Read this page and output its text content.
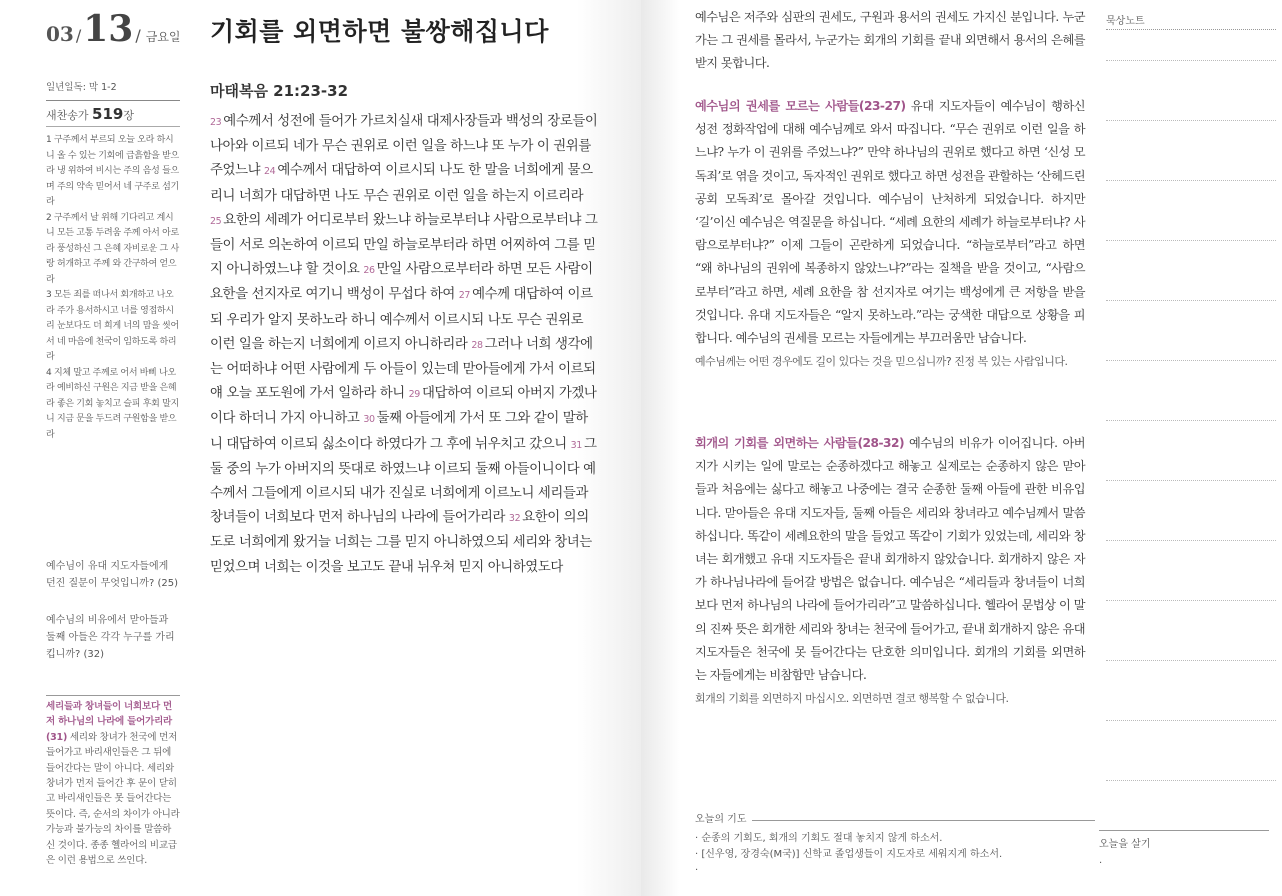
03 / 13 / 금요일 기회를 외면하면 불쌍해집니다
일년일독: 막 1-2
새찬송가 519장

1 구주께서 부르되 오늘 오라 하시니 올 수 있는 기회에 급흙함을 받으라 냉 위하여 비시는 주의 음성 들으며 주의 약속 믿어서 네 구주로 섬기라

2 구주께서 날 위해 기다리고 계시니 모든 고통 두려움 주께 아서 아로라 풍성하신 그 은혜 자비로운 그 사랑 허개하고 주께 와 간구하여 얻으라

3 모든 죄를 떠나서 회개하고 나오라 주가 용서하시고 너를 영접하시리 눈보다도 더 희게 너의 맘을 씻어서 네 마음에 천국이 임하도록 하리라

4 지체 말고 주께로 어서 바삐 나오라 예비하신 구원은 지금 받을 은혜라 좋은 기회 놓치고 슬피 후회 말지니 지금 문을 두드려 구원함을 받으라

예수님이 유대 지도자들에게 던진 질문이 무엇입니까? (25)
예수님의 비유에서 맏아들과 둘째 아들은 각각 누구를 가리킵니까? (32)
세리들과 창녀들이 너희보다 먼저 하나님의 나라에 들어가리라 (31) 세리와 창녀가 천국에 먼저 들어가고 바리새인들은 그 뒤에 들어간다는 말이 아니다. 세리와 창녀가 먼저 들어간 후 문이 닫히고 바리새인들은 못 들어간다는 뜻이다. 즉, 순서의 차이가 아니라 가능과 불가능의 차이를 말씀하신 것이다. 종종 헬라어의 비교급은 이런 용법으로 쓰인다.
마태복음 21:23-32
23 예수께서 성전에 들어가 가르치실새 대제사장들과 백성의 장로들이 나아와 이르되 네가 무슨 권위로 이런 일을 하느냐 또 누가 이 권위를 주었느냐 24 예수께서 대답하여 이르시되 나도 한 말을 너희에게 물으리니 너희가 대답하면 나도 무슨 권위로 이런 일을 하는지 이르리라 25 요한의 세례가 어디로부터 왔느냐 하늘로부터냐 사람으로부터냐 그들이 서로 의논하여 이르되 만일 하늘로부터라 하면 어찌하여 그를 믿지 아니하였느냐 할 것이요 26 만일 사람으로부터라 하면 모든 사람이 요한을 선지자로 여기니 백성이 무섭다 하여 27 예수께 대답하여 이르되 우리가 알지 못하노라 하니 예수께서 이르시되 나도 무슨 권위로 이런 일을 하는지 너희에게 이르지 아니하리라 28 그러나 너희 생각에는 어떠하냐 어떤 사람에게 두 아들이 있는데 맏아들에게 가서 이르되 얘 오늘 포도원에 가서 일하라 하니 29 대답하여 이르되 아버지 가겠나이다 하더니 가지 아니하고 30 둘째 아들에게 가서 또 그와 같이 말하니 대답하여 이르되 싫소이다 하였다가 그 후에 뉘우치고 갔으니 31 그 둘 중의 누가 아버지의 뜻대로 하였느냐 이르되 둘째 아들이니이다 예수께서 그들에게 이르시되 내가 진실로 너희에게 이르노니 세리들과 창녀들이 너희보다 먼저 하나님의 나라에 들어가리라 32 요한이 의의 도로 너희에게 왔거늘 너희는 그를 믿지 아니하였으되 세리와 창녀는 믿었으며 너희는 이것을 보고도 끝내 뉘우쳐 믿지 아니하였도다

예수님은 저주와 심판의 권세도, 구원과 용서의 권세도 가지신 분입니다. 누군가는 그 권세를 몰라서, 누군가는 회개의 기회를 끝내 외면해서 용서의 은혜를 받지 못합니다.

예수님의 권세를 모르는 사람들(23-27) 유대 지도자들이 예수님이 행하신 성전 정화작업에 대해 예수님께로 와서 따집니다. “무슨 권위로 이런 일을 하느냐? 누가 이 권위를 주었느냐?” 만약 하나님의 권위로 했다고 하면 ‘신성 모독죄’로 엮을 것이고, 독자적인 권위로 했다고 하면 성전을 관할하는 ‘산헤드린 공회 모독죄’로 몰아갈 것입니다. 예수님이 난처하게 되었습니다. 하지만 ‘길’이신 예수님은 역질문을 하십니다. “세례 요한의 세례가 하늘로부터냐? 사람으로부터냐?” 이제 그들이 곤란하게 되었습니다. “하늘로부터”라고 하면 “왜 하나님의 권위에 복종하지 않았느냐?”라는 질책을 받을 것이고, “사람으로부터”라고 하면, 세례 요한을 참 선지자로 여기는 백성에게 큰 저항을 받을 것입니다. 유대 지도자들은 “알지 못하노라.”라는 궁색한 대답으로 상황을 피합니다. 예수님의 권세를 모르는 자들에게는 부끄러움만 남습니다.

예수님께는 어떤 경우에도 길이 있다는 것을 믿으십니까? 진정 복 있는 사람입니다.

회개의 기회를 외면하는 사람들(28-32) 예수님의 비유가 이어집니다. 아버지가 시키는 일에 말로는 순종하겠다고 해놓고 실제로는 순종하지 않은 맏아들과 처음에는 싫다고 해놓고 나중에는 결국 순종한 둘째 아들에 관한 비유입니다. 맏아들은 유대 지도자들, 둘째 아들은 세리와 창녀라고 예수님께서 말씀하십니다. 똑같이 세례요한의 말을 들었고 똑같이 기회가 있었는데, 세리와 창녀는 회개했고 유대 지도자들은 끝내 회개하지 않았습니다. 회개하지 않은 자가 하나님나라에 들어갈 방법은 없습니다. 예수님은 “세리들과 창녀들이 너희보다 먼저 하나님의 나라에 들어가리라”고 말씀하십니다. 헬라어 문법상 이 말의 진짜 뜻은 회개한 세리와 창녀는 천국에 들어가고, 끝내 회개하지 않은 유대 지도자들은 천국에 못 들어간다는 단호한 의미입니다. 회개의 기회를 외면하는 자들에게는 비참함만 남습니다.

회개의 기회를 외면하지 마십시오. 외면하면 결코 행복할 수 없습니다.

묵상노트
오늘의 기도
· 순종의 기회도, 회개의 기회도 절대 놓치지 않게 하소서.
· [신우영, 장경숙(M국)] 신학교 졸업생들이 지도자로 세워지게 하소서.
·
오늘을 살기
·
